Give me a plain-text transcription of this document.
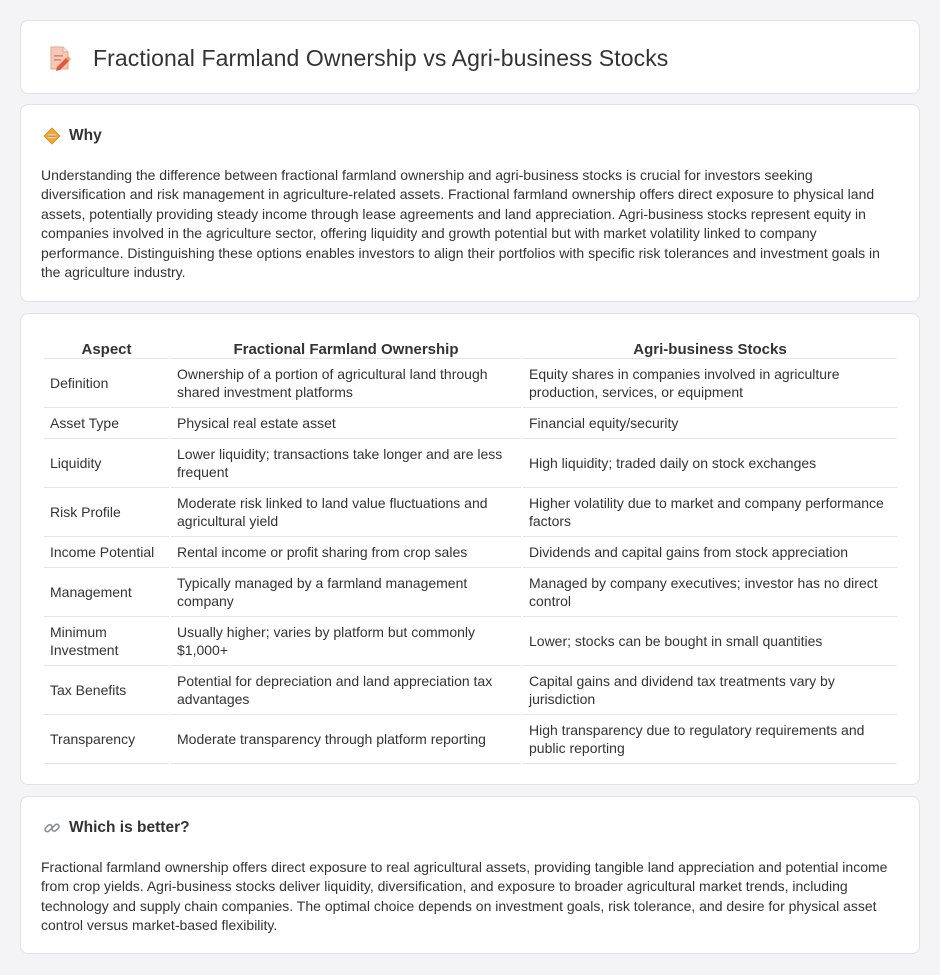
Fractional Farmland Ownership vs Agri-business Stocks
Why

Understanding the difference between fractional farmland ownership and agri-business stocks is crucial for investors seeking diversification and risk management in agriculture-related assets. Fractional farmland ownership offers direct exposure to physical land assets, potentially providing steady income through lease agreements and land appreciation. Agri-business stocks represent equity in companies involved in the agriculture sector, offering liquidity and growth potential but with market volatility linked to company performance. Distinguishing these options enables investors to align their portfolios with specific risk tolerances and investment goals in the agriculture industry.

Aspect	Fractional Farmland Ownership	Agri-business Stocks
Definition	Ownership of a portion of agricultural land through shared investment platforms	Equity shares in companies involved in agriculture production, services, or equipment
Asset Type	Physical real estate asset	Financial equity/security
Liquidity	Lower liquidity; transactions take longer and are less frequent	High liquidity; traded daily on stock exchanges
Risk Profile	Moderate risk linked to land value fluctuations and agricultural yield	Higher volatility due to market and company performance factors
Income Potential	Rental income or profit sharing from crop sales	Dividends and capital gains from stock appreciation
Management	Typically managed by a farmland management company	Managed by company executives; investor has no direct control
Minimum Investment	Usually higher; varies by platform but commonly $1,000+	Lower; stocks can be bought in small quantities
Tax Benefits	Potential for depreciation and land appreciation tax advantages	Capital gains and dividend tax treatments vary by jurisdiction
Transparency	Moderate transparency through platform reporting	High transparency due to regulatory requirements and public reporting
Which is better?

Fractional farmland ownership offers direct exposure to real agricultural assets, providing tangible land appreciation and potential income from crop yields. Agri-business stocks deliver liquidity, diversification, and exposure to broader agricultural market trends, including technology and supply chain companies. The optimal choice depends on investment goals, risk tolerance, and desire for physical asset control versus market-based flexibility.
